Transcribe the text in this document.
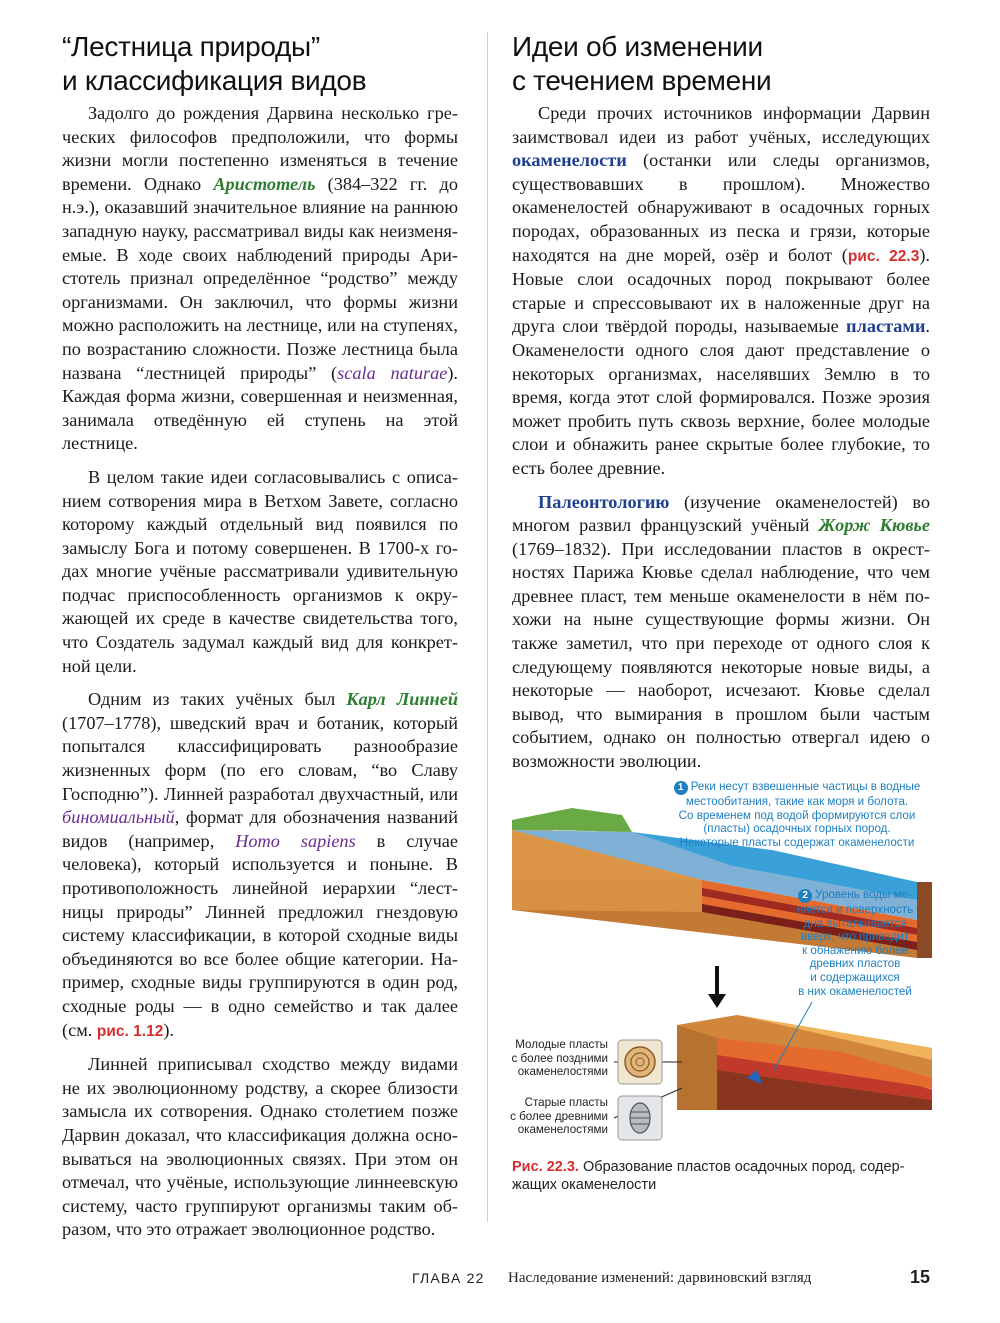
“Лестница природы”
и классификация видов

Задолго до рождения Дарвина несколько греческих философов предположили, что формы жизни могли постепенно изменяться в течение времени. Однако Аристотель (384–322 гг. до н.э.), оказавший значительное влияние на раннюю западную науку, рассматривал виды как неизменяемые. В ходе своих наблюдений природы Аристотель признал определённое “родство” между организмами. Он заключил, что формы жизни можно расположить на лестнице, или на ступенях, по возрастанию сложности. Позже лестница была названа “лестницей природы” (scala naturae). Каждая форма жизни, совершенная и неизменная, занимала отведённую ей ступень на этой лестнице.

В целом такие идеи согласовывались с описанием сотворения мира в Ветхом Завете, согласно которому каждый отдельный вид появился по замыслу Бога и потому совершенен. В 1700-х годах многие учёные рассматривали удивительную подчас приспособленность организмов к окружающей их среде в качестве свидетельства того, что Создатель задумал каждый вид для конкретной цели.

Одним из таких учёных был Карл Линней (1707–1778), шведский врач и ботаник, который попытался классифицировать разнообразие жизненных форм (по его словам, “во Славу Господню”). Линней разработал двухчастный, или биномиальный, формат для обозначения названий видов (например, Homo sapiens в случае человека), который используется и поныне. В противоположность линейной иерархии “лестницы природы” Линней предложил гнездовую систему классификации, в которой сходные виды объединяются во все более общие категории. Например, сходные виды группируются в один род, сходные роды — в одно семейство и так далее (см. рис. 1.12).

Линней приписывал сходство между видами не их эволюционному родству, а скорее близости замысла их сотворения. Однако столетием позже Дарвин доказал, что классификация должна основываться на эволюционных связях. При этом он отмечал, что учёные, использующие линнеевскую систему, часто группируют организмы таким образом, что это отражает эволюционное родство.

Идеи об изменении
с течением времени

Среди прочих источников информации Дарвин заимствовал идеи из работ учёных, исследующих окаменелости (останки или следы организмов, существовавших в прошлом). Множество окаменелостей обнаруживают в осадочных горных породах, образованных из песка и грязи, которые находятся на дне морей, озёр и болот (рис. 22.3). Новые слои осадочных пород покрывают более старые и спрессовывают их в наложенные друг на друга слои твёрдой породы, называемые пластами. Окаменелости одного слоя дают представление о некоторых организмах, населявших Землю в то время, когда этот слой формировался. Позже эрозия может пробить путь сквозь верхние, более молодые слои и обнажить ранее скрытые более глубокие, то есть более древние.

Палеонтологию (изучение окаменелостей) во многом развил французский учёный Жорж Кювье (1769–1832). При исследовании пластов в окрестностях Парижа Кювье сделал наблюдение, что чем древнее пласт, тем меньше окаменелости в нём похожи на ныне существующие формы жизни. Он также заметил, что при переходе от одного слоя к следующему появляются некоторые новые виды, а некоторые — наоборот, исчезают. Кювье сделал вывод, что вымирания в прошлом были частым событием, однако он полностью отвергал идею о возможности эволюции.

1 Реки несут взвешенные частицы в водные
местообитания, такие как моря и болота.
Со временем под водой формируются слои
(пласты) осадочных горных пород.
Некоторые пласты содержат окаменелости
2 Уровень воды ме-
няется и поверхность
дна выталкивается
вверх, что приводит
к обнажению более
древних пластов
и содержащихся
в них окаменелостей
Молодые пласты
с более поздними
окаменелостями
Старые пласты
с более древними
окаменелостями
Рис. 22.3. Образование пластов осадочных пород, содержащих окаменелости
ГЛАВА 22 Наследование изменений: дарвиновский взгляд	15
